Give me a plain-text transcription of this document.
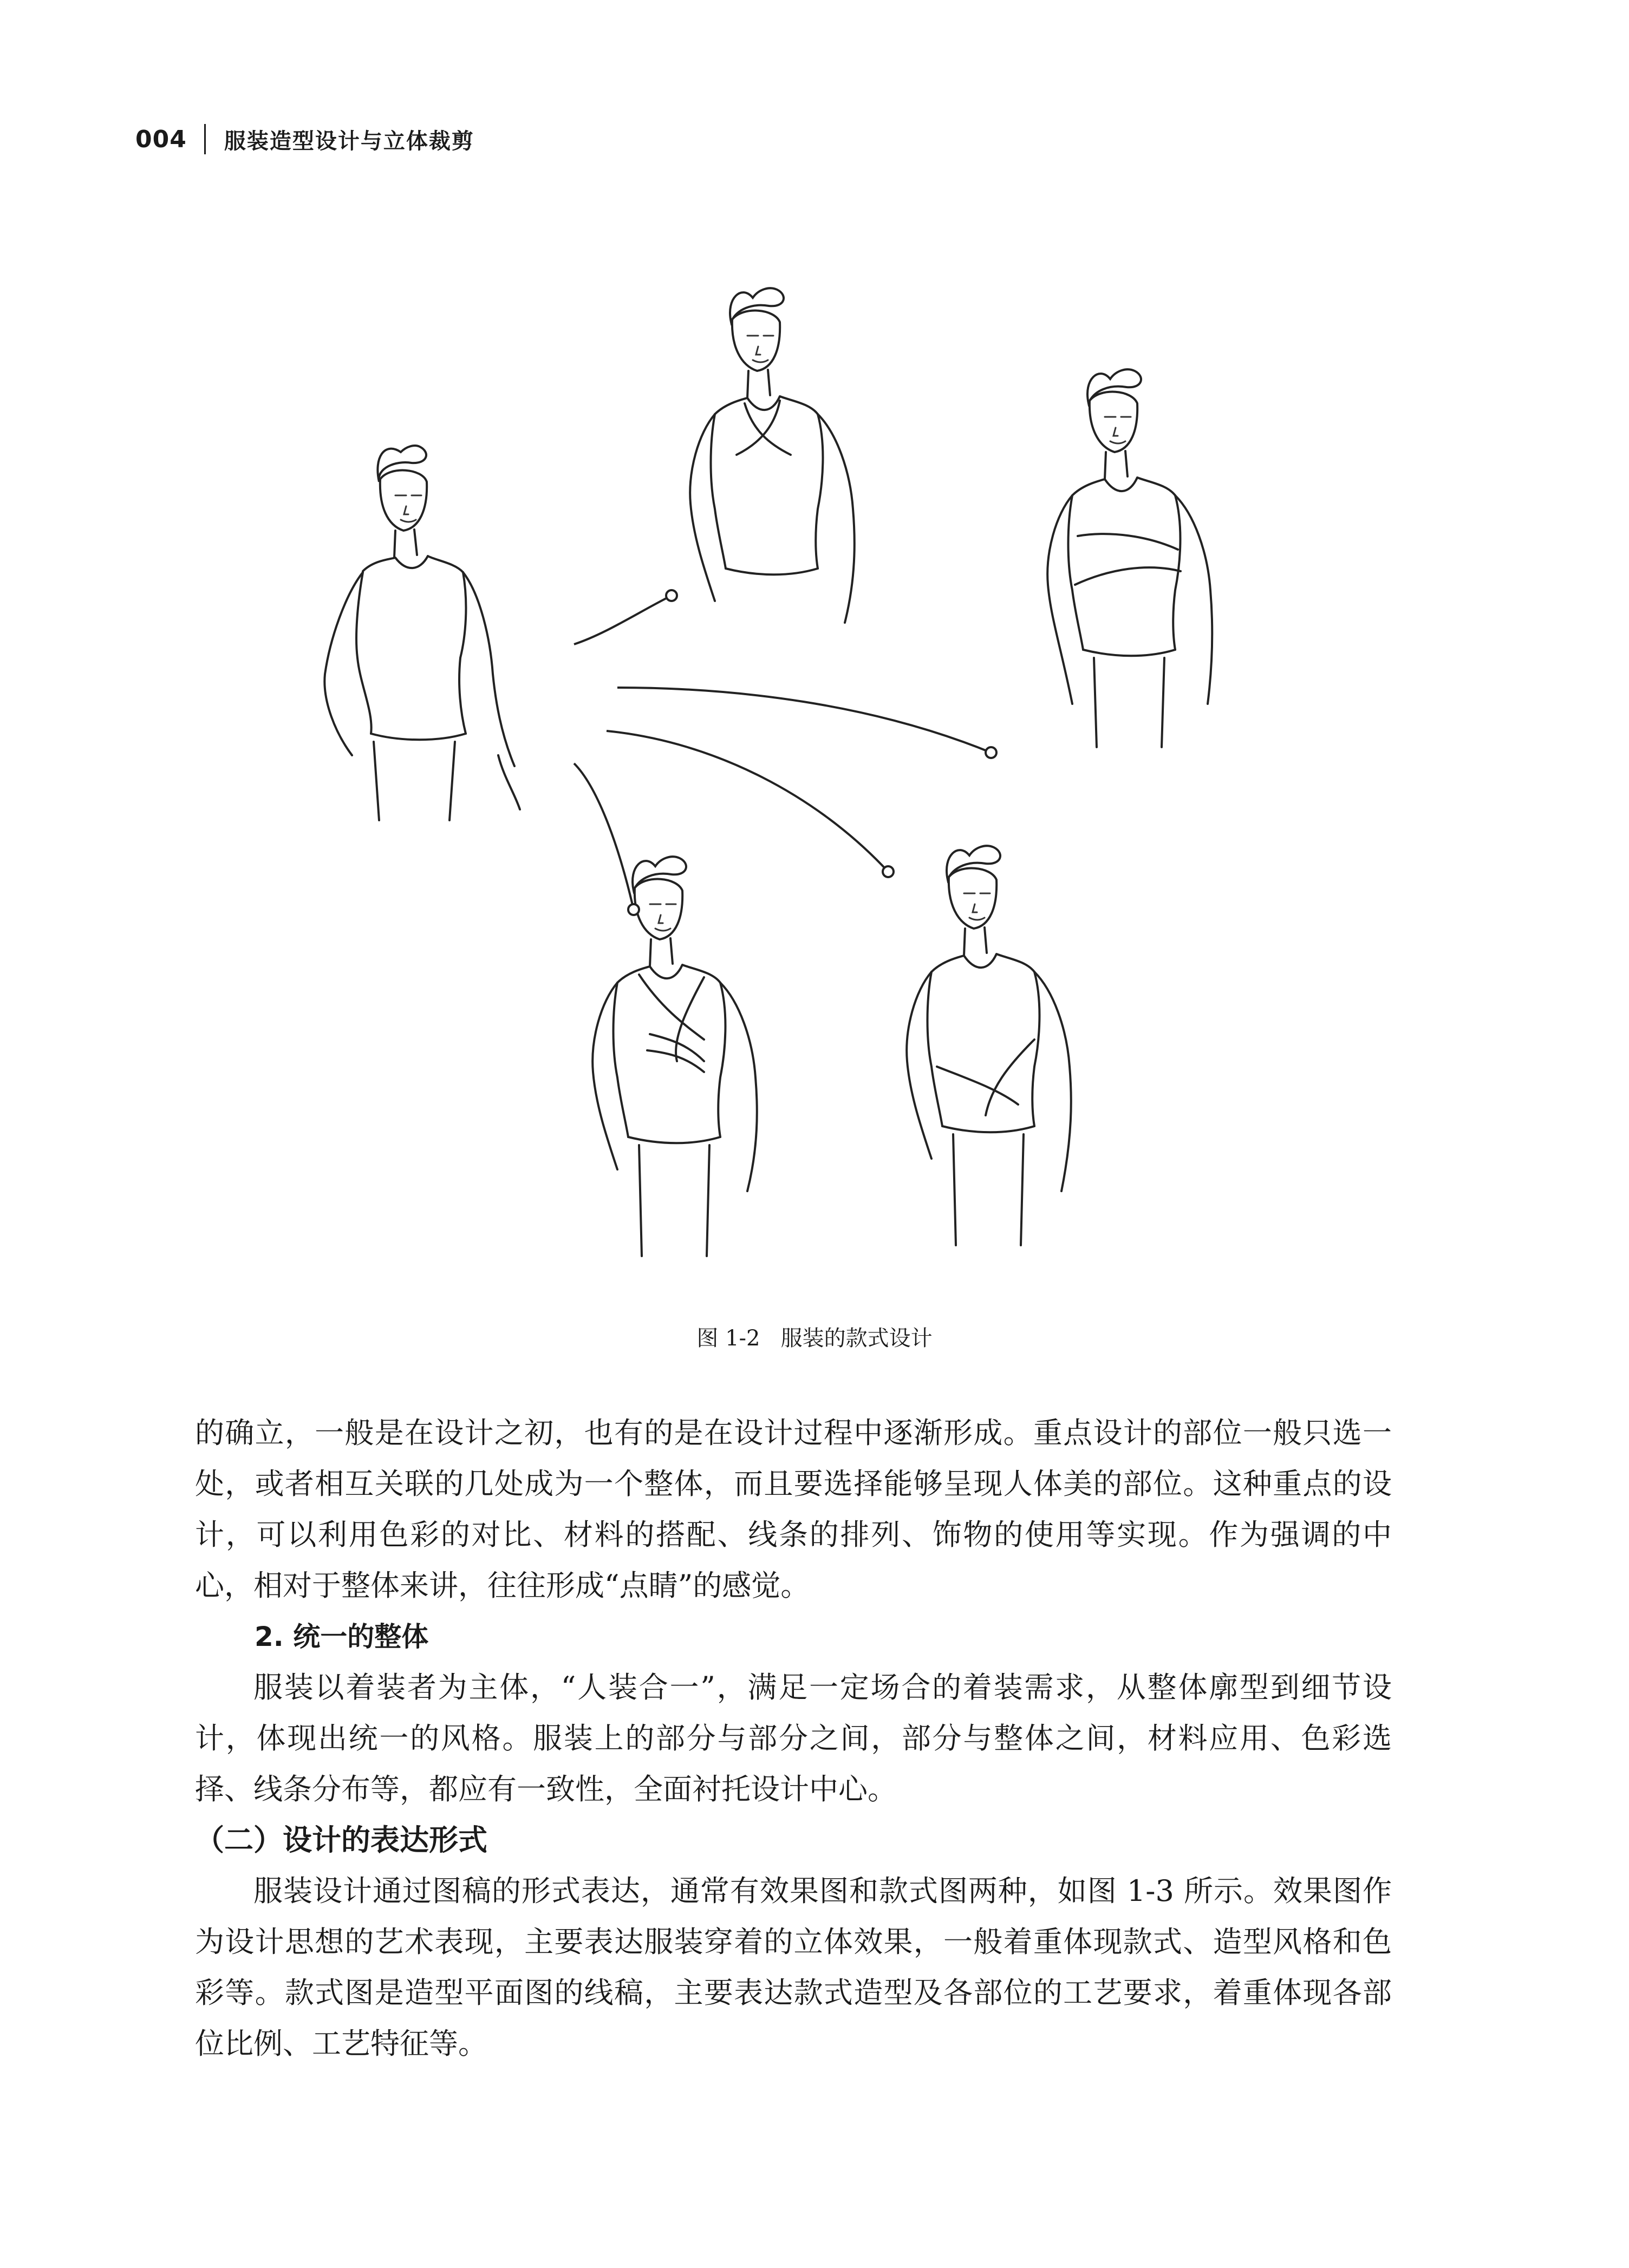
004 服装造型设计与立体裁剪
图 1-2   服装的款式设计

的确立，一般是在设计之初，也有的是在设计过程中逐渐形成。重点设计的部位一般只选一处，或者相互关联的几处成为一个整体，而且要选择能够呈现人体美的部位。这种重点的设计，可以利用色彩的对比、材料的搭配、线条的排列、饰物的使用等实现。作为强调的中心，相对于整体来讲，往往形成“点睛”的感觉。

2. 统一的整体

服装以着装者为主体，“人装合一”，满足一定场合的着装需求，从整体廓型到细节设计，体现出统一的风格。服装上的部分与部分之间，部分与整体之间，材料应用、色彩选择、线条分布等，都应有一致性，全面衬托设计中心。

（二）设计的表达形式

服装设计通过图稿的形式表达，通常有效果图和款式图两种，如图 1-3 所示。效果图作为设计思想的艺术表现，主要表达服装穿着的立体效果，一般着重体现款式、造型风格和色彩等。款式图是造型平面图的线稿，主要表达款式造型及各部位的工艺要求，着重体现各部位比例、工艺特征等。
